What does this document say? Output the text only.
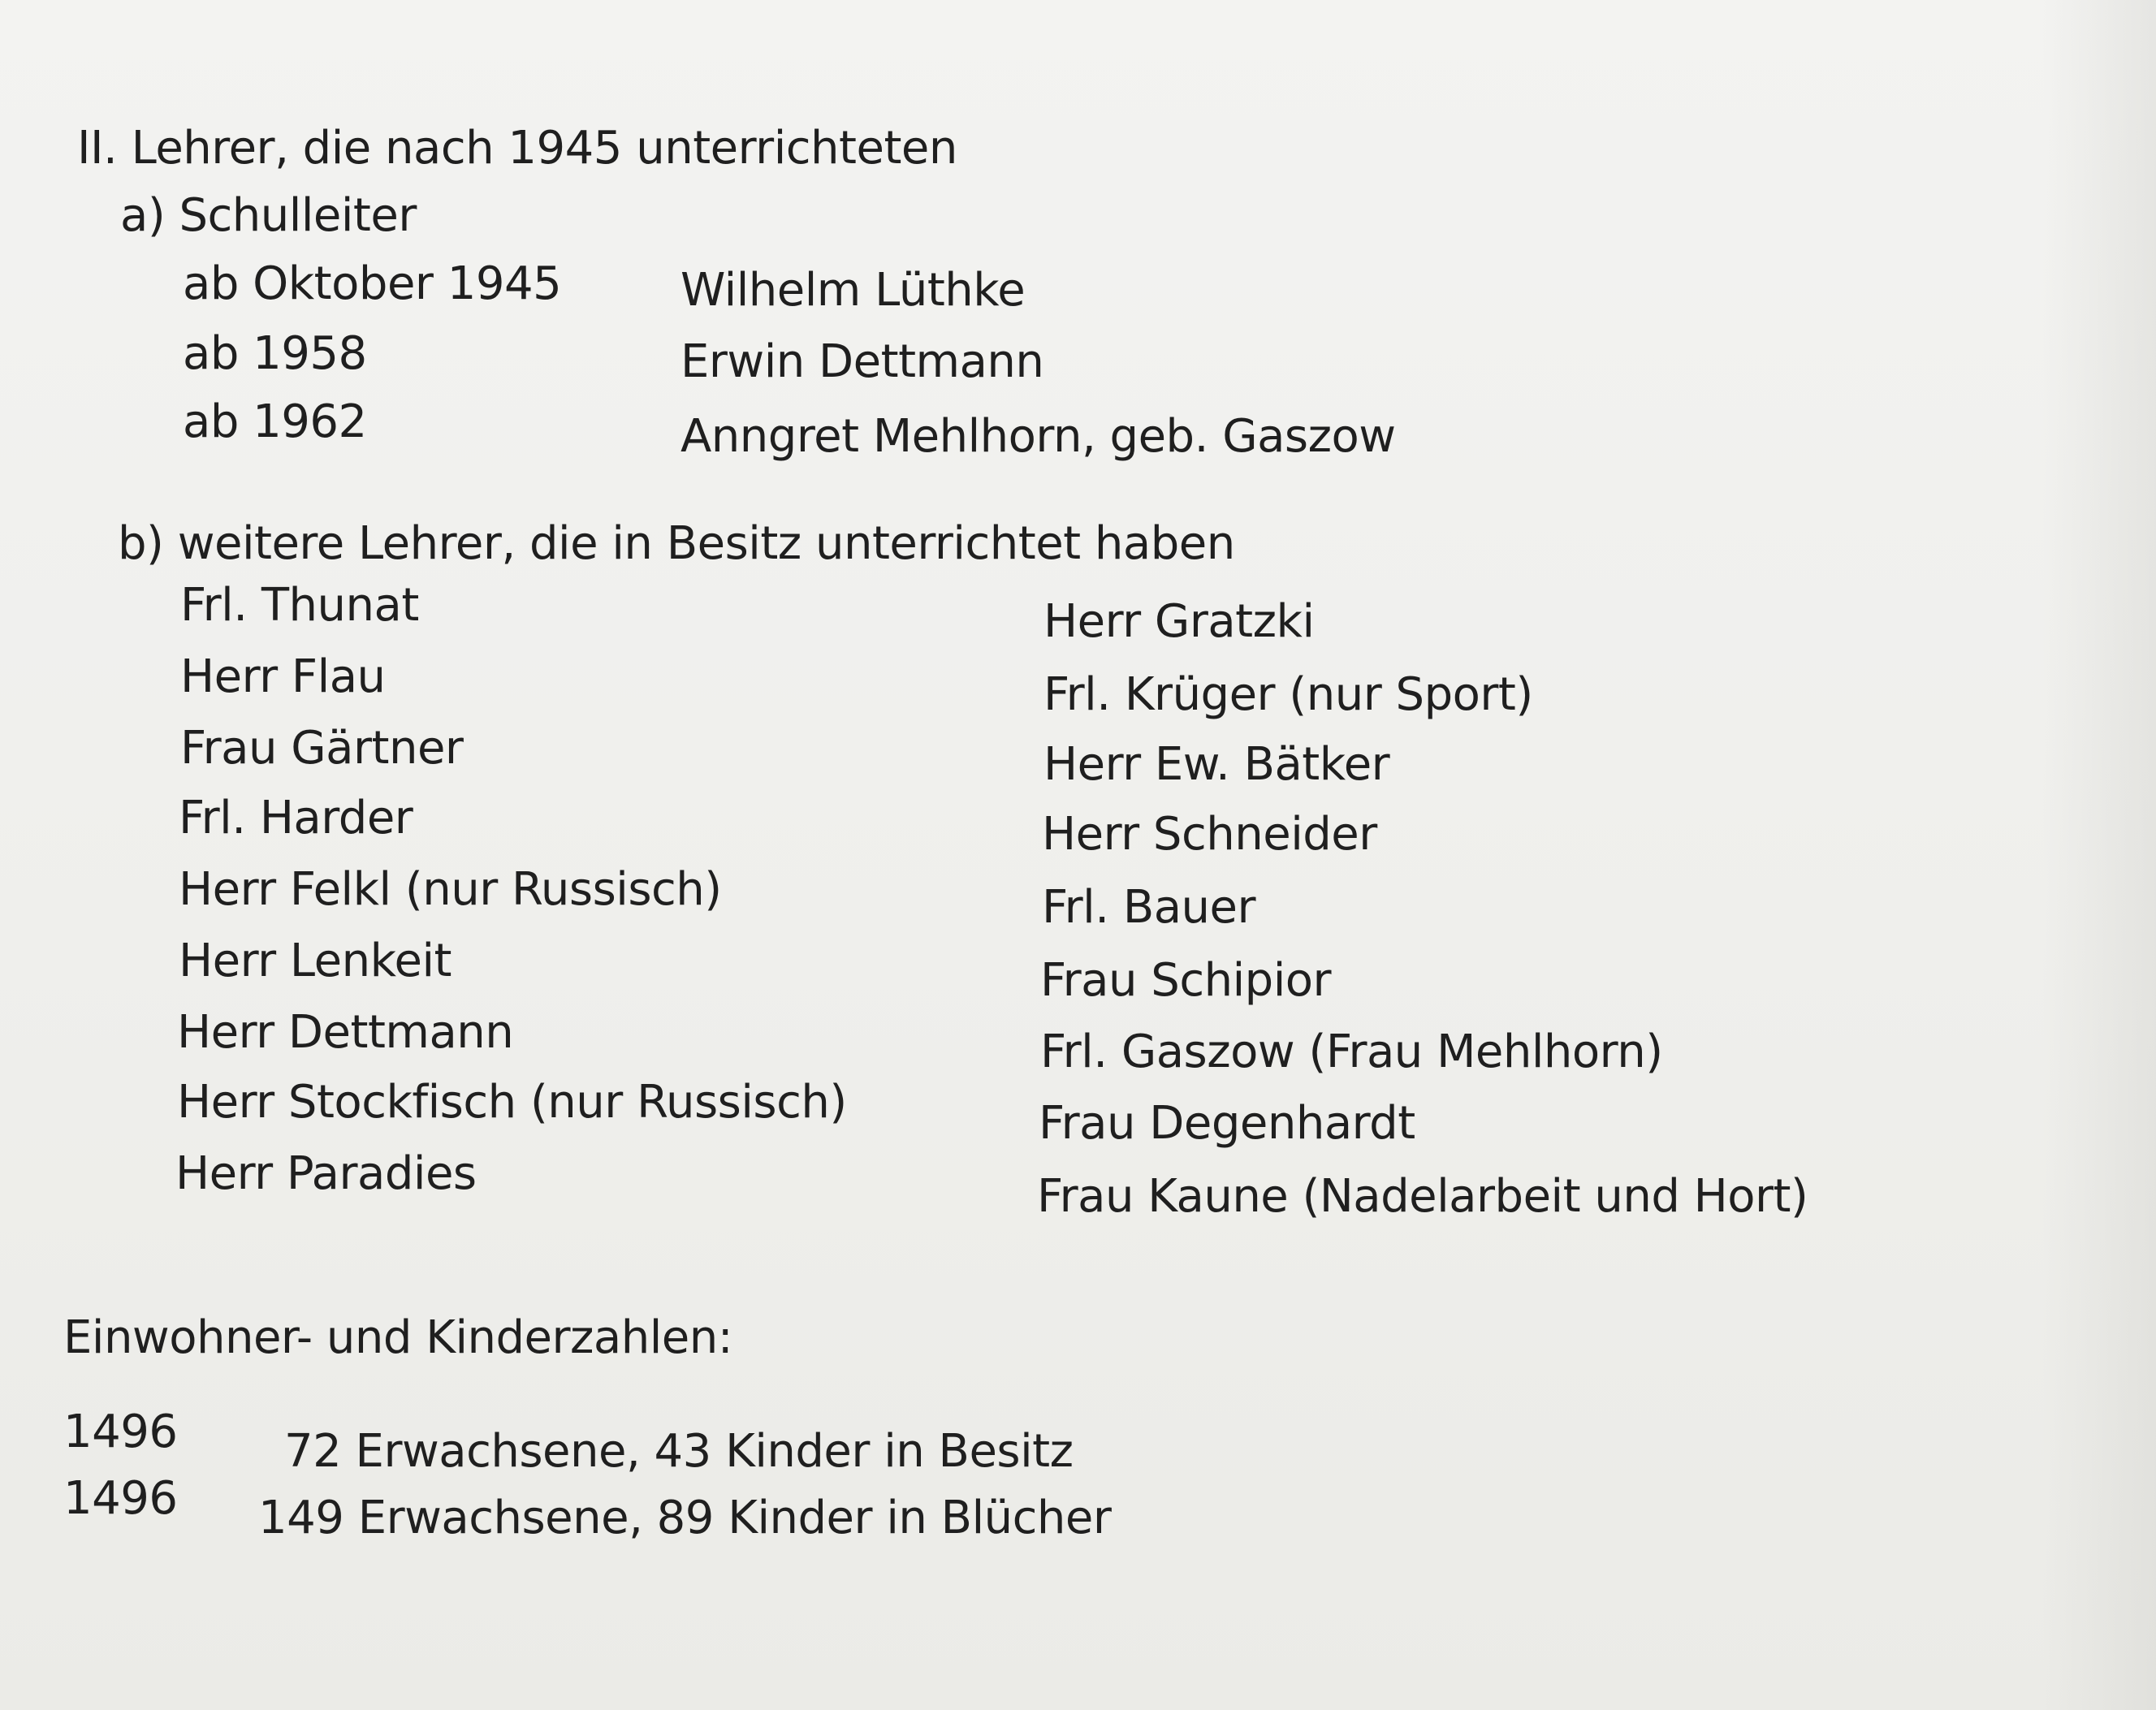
II. Lehrer, die nach 1945 unterrichteten
a) Schulleiter
ab Oktober 1945	Wilhelm Lüthke
ab 1958	Erwin Dettmann
ab 1962	Anngret Mehlhorn, geb. Gaszow
b) weitere Lehrer, die in Besitz unterrichtet haben
Frl. Thunat
Herr Flau
Frau Gärtner
Frl. Harder
Herr Felkl (nur Russisch)
Herr Lenkeit
Herr Dettmann
Herr Stockfisch (nur Russisch)
Herr Paradies
Herr Gratzki
Frl. Krüger (nur Sport)
Herr Ew. Bätker
Herr Schneider
Frl. Bauer
Frau Schipior
Frl. Gaszow (Frau Mehlhorn)
Frau Degenhardt
Frau Kaune (Nadelarbeit und Hort)
Einwohner- und Kinderzahlen:
1496 72 Erwachsene, 43 Kinder in Besitz
1496 149 Erwachsene, 89 Kinder in Blücher
